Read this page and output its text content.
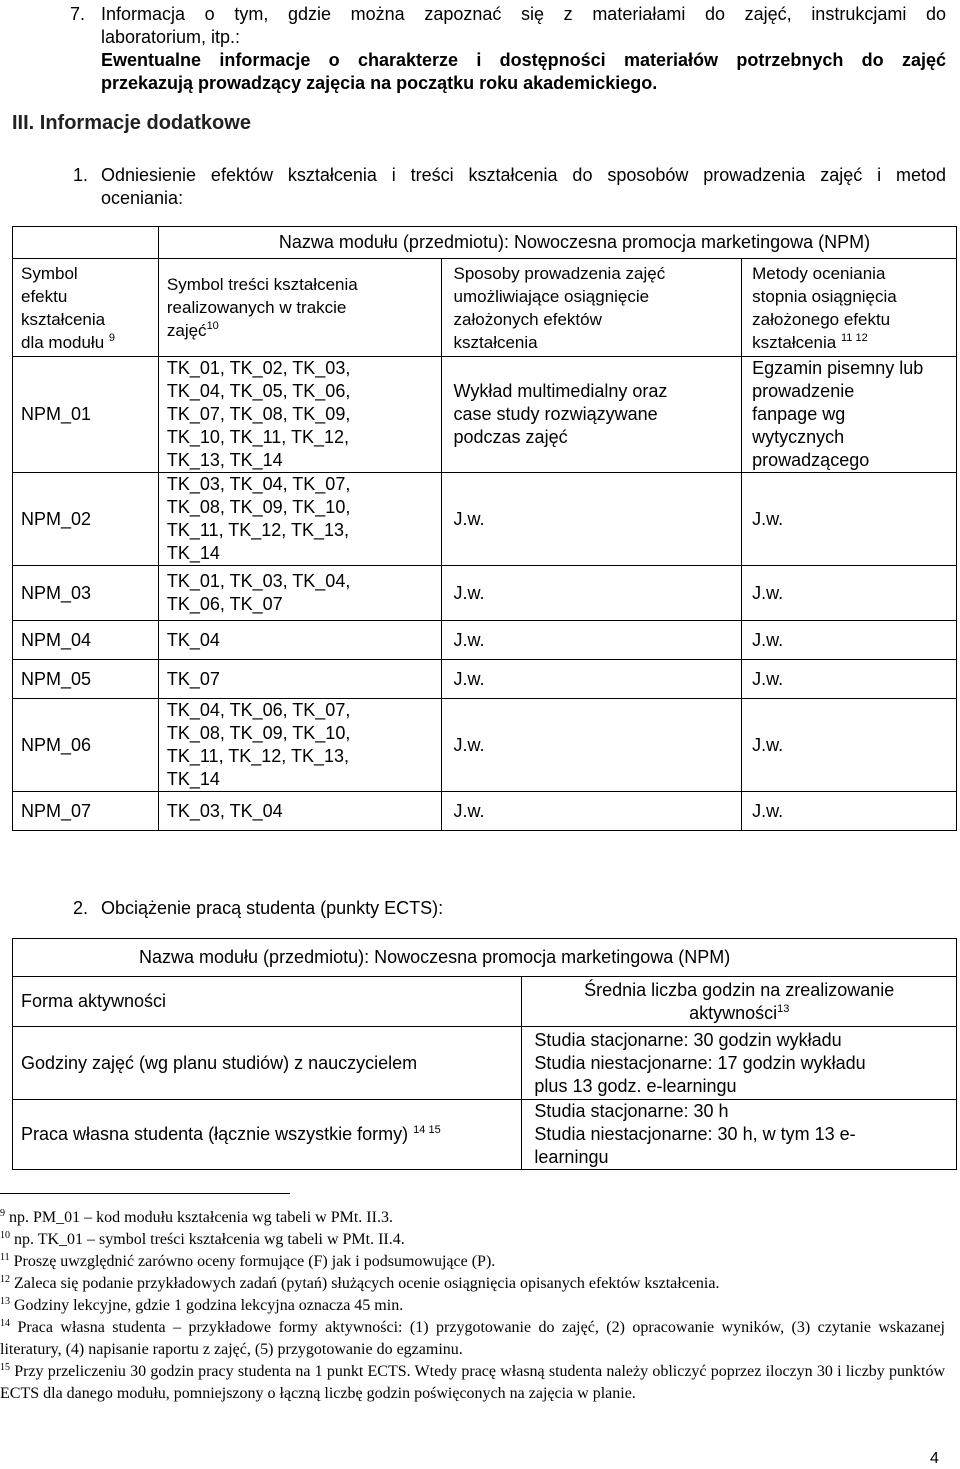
7. Informacja o tym, gdzie można zapoznać się z materiałami do zajęć, instrukcjami do
laboratorium, itp.:
Ewentualne informacje o charakterze i dostępności materiałów potrzebnych do zajęć
przekazują prowadzący zajęcia na początku roku akademickiego.
III. Informacje dodatkowe
1. Odniesienie efektów kształcenia i treści kształcenia do sposobów prowadzenia zajęć i metod
oceniania:
	Nazwa modułu (przedmiotu): Nowoczesna promocja marketingowa (NPM)		

Symbol
efektu
kształcenia
dla modułu $^9$	Symbol treści kształcenia
realizowanych w trakcie
zajęć$^{10}$	Sposoby prowadzenia zajęć
umożliwiające osiągnięcie
założonych efektów
kształcenia	Metody oceniania
stopnia osiągnięcia
założonego efektu
kształcenia $^{11 12}$

NPM_01	TK_01, TK_02, TK_03,
TK_04, TK_05, TK_06,
TK_07, TK_08, TK_09,
TK_10, TK_11, TK_12,
TK_13, TK_14	Wykład multimedialny oraz
case study rozwiązywane
podczas zajęć	Egzamin pisemny lub
prowadzenie
fanpage wg
wytycznych
prowadzącego

NPM_02	TK_03, TK_04, TK_07,
TK_08, TK_09, TK_10,
TK_11, TK_12, TK_13,
TK_14	J.w.	J.w.

NPM_03	TK_01, TK_03, TK_04,
TK_06, TK_07	J.w.	J.w.

NPM_04	TK_04	J.w.	J.w.

NPM_05	TK_07	J.w.	J.w.

NPM_06	TK_04, TK_06, TK_07,
TK_08, TK_09, TK_10,
TK_11, TK_12, TK_13,
TK_14	J.w.	J.w.

NPM_07	TK_03, TK_04	J.w.	J.w.
2. Obciążenie pracą studenta (punkty ECTS):
Nazwa modułu (przedmiotu): Nowoczesna promocja marketingowa (NPM)	
Forma aktywności	Średnia liczba godzin na zrealizowanie
aktywności$^{13}$

Godziny zajęć (wg planu studiów) z nauczycielem	Studia stacjonarne: 30 godzin wykładu
Studia niestacjonarne: 17 godzin wykładu
plus 13 godz. e-learningu

Praca własna studenta (łącznie wszystkie formy) $^{14 15}$	Studia stacjonarne: 30 h
Studia niestacjonarne: 30 h, w tym 13 e-
learningu
$^9$ np. PM_01 – kod modułu kształcenia wg tabeli w PMt. II.3.
$^{10}$ np. TK_01 – symbol treści kształcenia wg tabeli w PMt. II.4.
$^{11}$ Proszę uwzględnić zarówno oceny formujące (F) jak i podsumowujące (P).
$^{12}$ Zaleca się podanie przykładowych zadań (pytań) służących ocenie osiągnięcia opisanych efektów kształcenia.
$^{13}$ Godziny lekcyjne, gdzie 1 godzina lekcyjna oznacza 45 min.
$^{14}$ Praca własna studenta – przykładowe formy aktywności: (1) przygotowanie do zajęć, (2) opracowanie wyników, (3) czytanie wskazanej literatury, (4) napisanie raportu z zajęć, (5) przygotowanie do egzaminu.
$^{15}$ Przy przeliczeniu 30 godzin pracy studenta na 1 punkt ECTS. Wtedy pracę własną studenta należy obliczyć poprzez iloczyn 30 i liczby punktów ECTS dla danego modułu, pomniejszony o łączną liczbę godzin poświęconych na zajęcia w planie.
4
